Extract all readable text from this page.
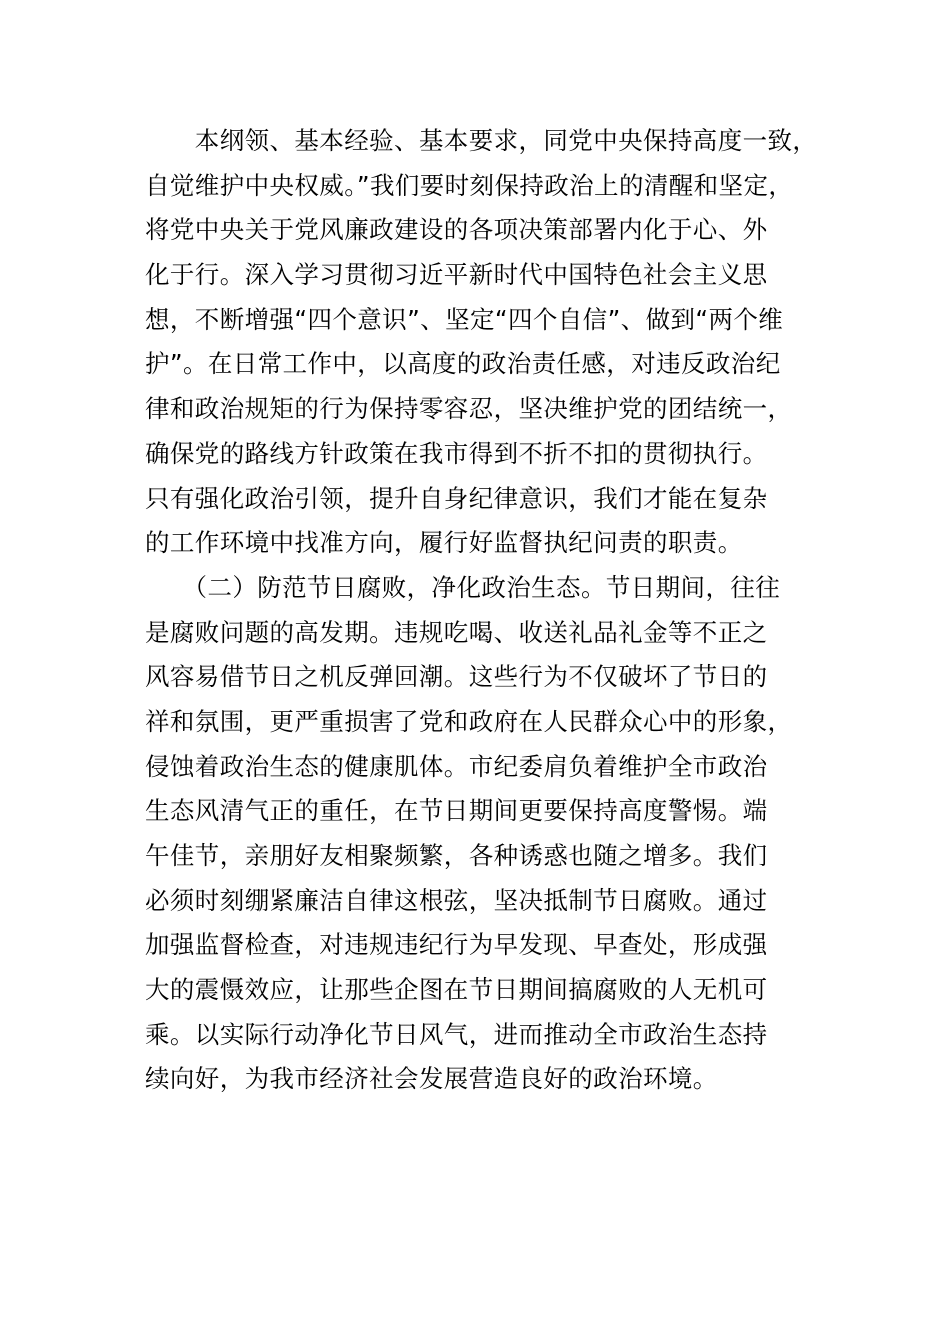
　　本纲领、基本经验、基本要求，同党中央保持高度一致，
自觉维护中央权威。”我们要时刻保持政治上的清醒和坚定，
将党中央关于党风廉政建设的各项决策部署内化于心、外
化于行。深入学习贯彻习近平新时代中国特色社会主义思
想，不断增强“四个意识”、坚定“四个自信”、做到“两个维
护”。在日常工作中，以高度的政治责任感，对违反政治纪
律和政治规矩的行为保持零容忍，坚决维护党的团结统一，
确保党的路线方针政策在我市得到不折不扣的贯彻执行。
只有强化政治引领，提升自身纪律意识，我们才能在复杂
的工作环境中找准方向，履行好监督执纪问责的职责。
　　（二）防范节日腐败，净化政治生态。节日期间，往往
是腐败问题的高发期。违规吃喝、收送礼品礼金等不正之
风容易借节日之机反弹回潮。这些行为不仅破坏了节日的
祥和氛围，更严重损害了党和政府在人民群众心中的形象，
侵蚀着政治生态的健康肌体。市纪委肩负着维护全市政治
生态风清气正的重任，在节日期间更要保持高度警惕。端
午佳节，亲朋好友相聚频繁，各种诱惑也随之增多。我们
必须时刻绷紧廉洁自律这根弦，坚决抵制节日腐败。通过
加强监督检查，对违规违纪行为早发现、早查处，形成强
大的震慑效应，让那些企图在节日期间搞腐败的人无机可
乘。以实际行动净化节日风气，进而推动全市政治生态持
续向好，为我市经济社会发展营造良好的政治环境。
